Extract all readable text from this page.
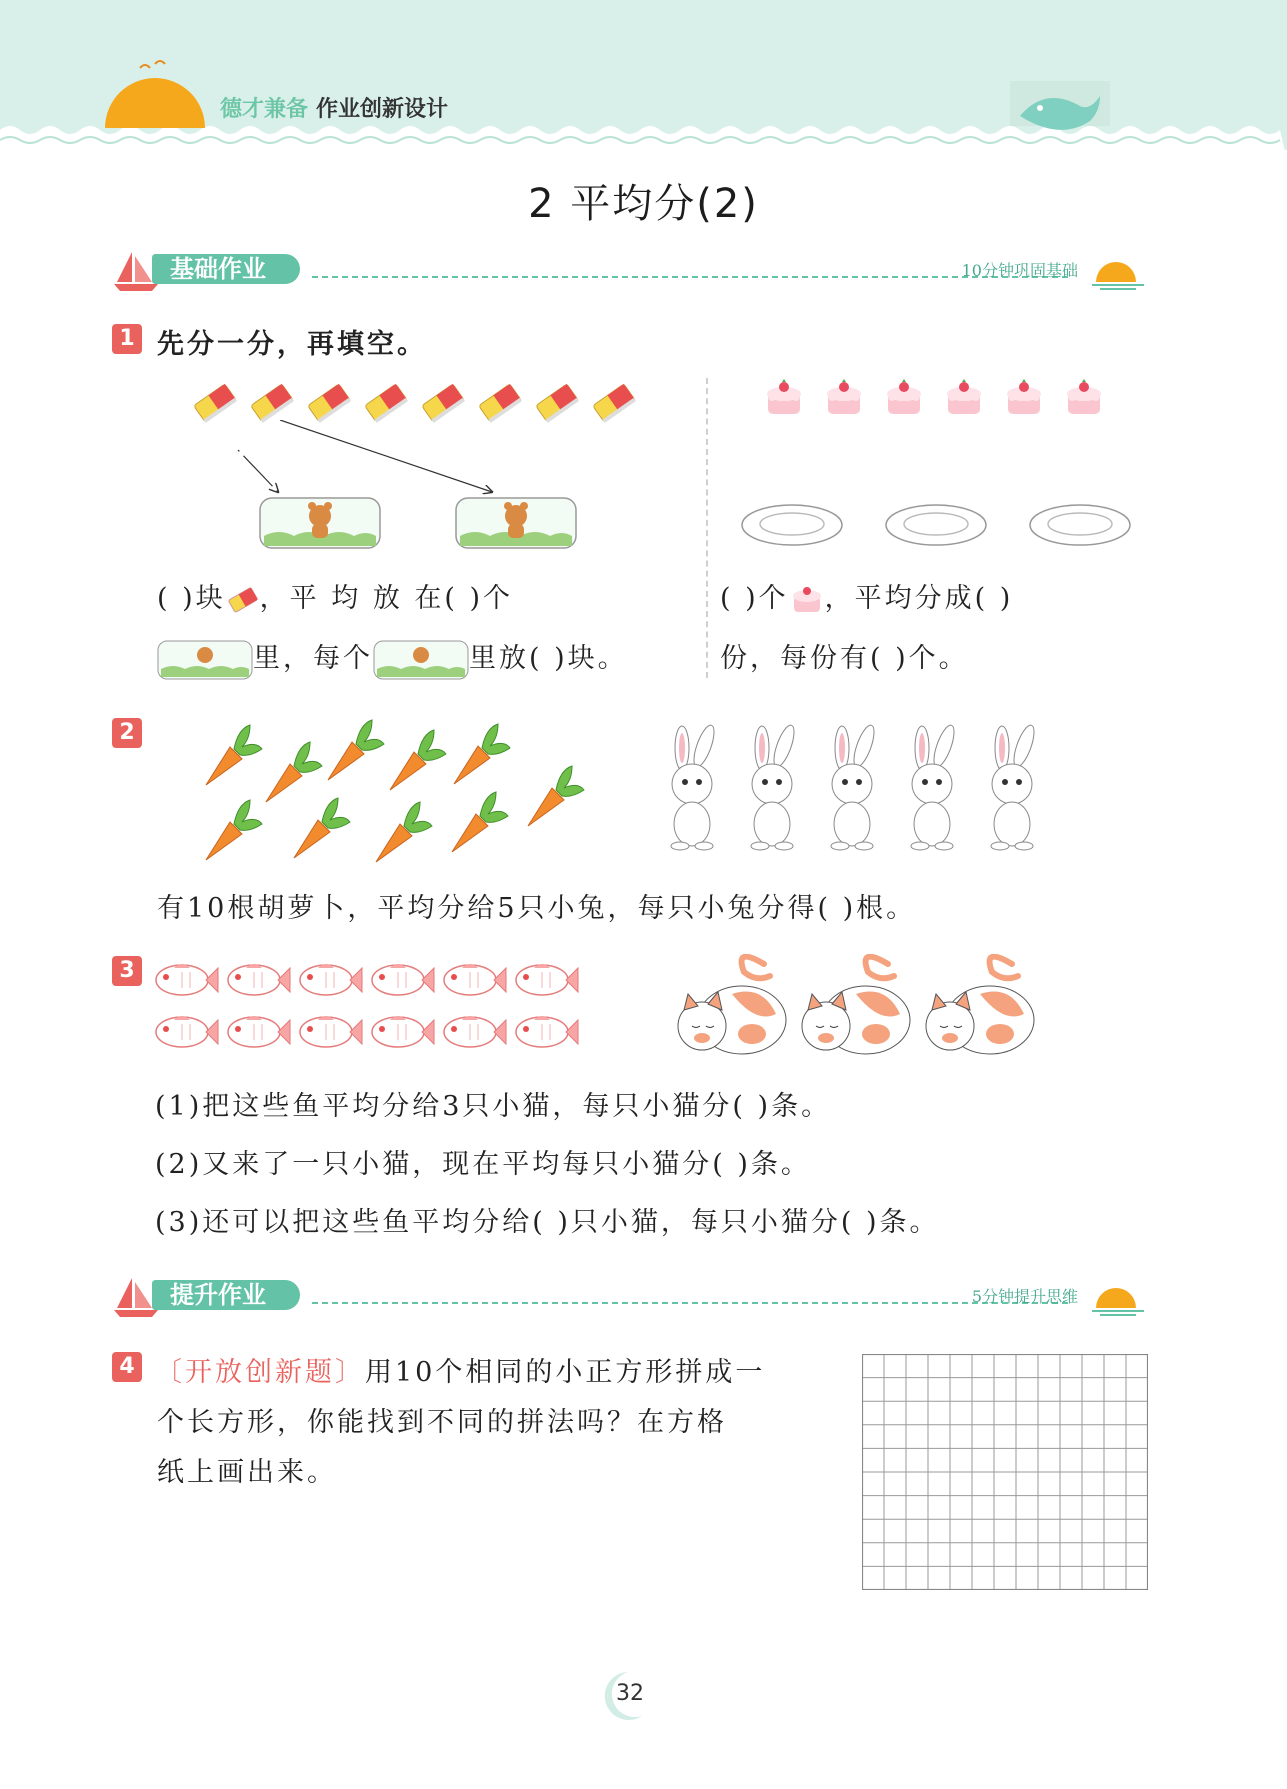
德才兼备 作业创新设计
2 平均分(2)
基础作业	10分钟巩固基础
1 先分一分，再填空。
( )块 ，平 均 放 在( )个
里，每个	里放( )块。
( )个 ，平均分成( )
份，每份有( )个。
2
有10根胡萝卜，平均分给5只小兔，每只小兔分得( )根。
3
(1)把这些鱼平均分给3只小猫，每只小猫分( )条。
(2)又来了一只小猫，现在平均每只小猫分( )条。
(3)还可以把这些鱼平均分给( )只小猫，每只小猫分( )条。
提升作业	5分钟提升思维
4 〔开放创新题〕用10个相同的小正方形拼成一
个长方形，你能找到不同的拼法吗？在方格
纸上画出来。
32
